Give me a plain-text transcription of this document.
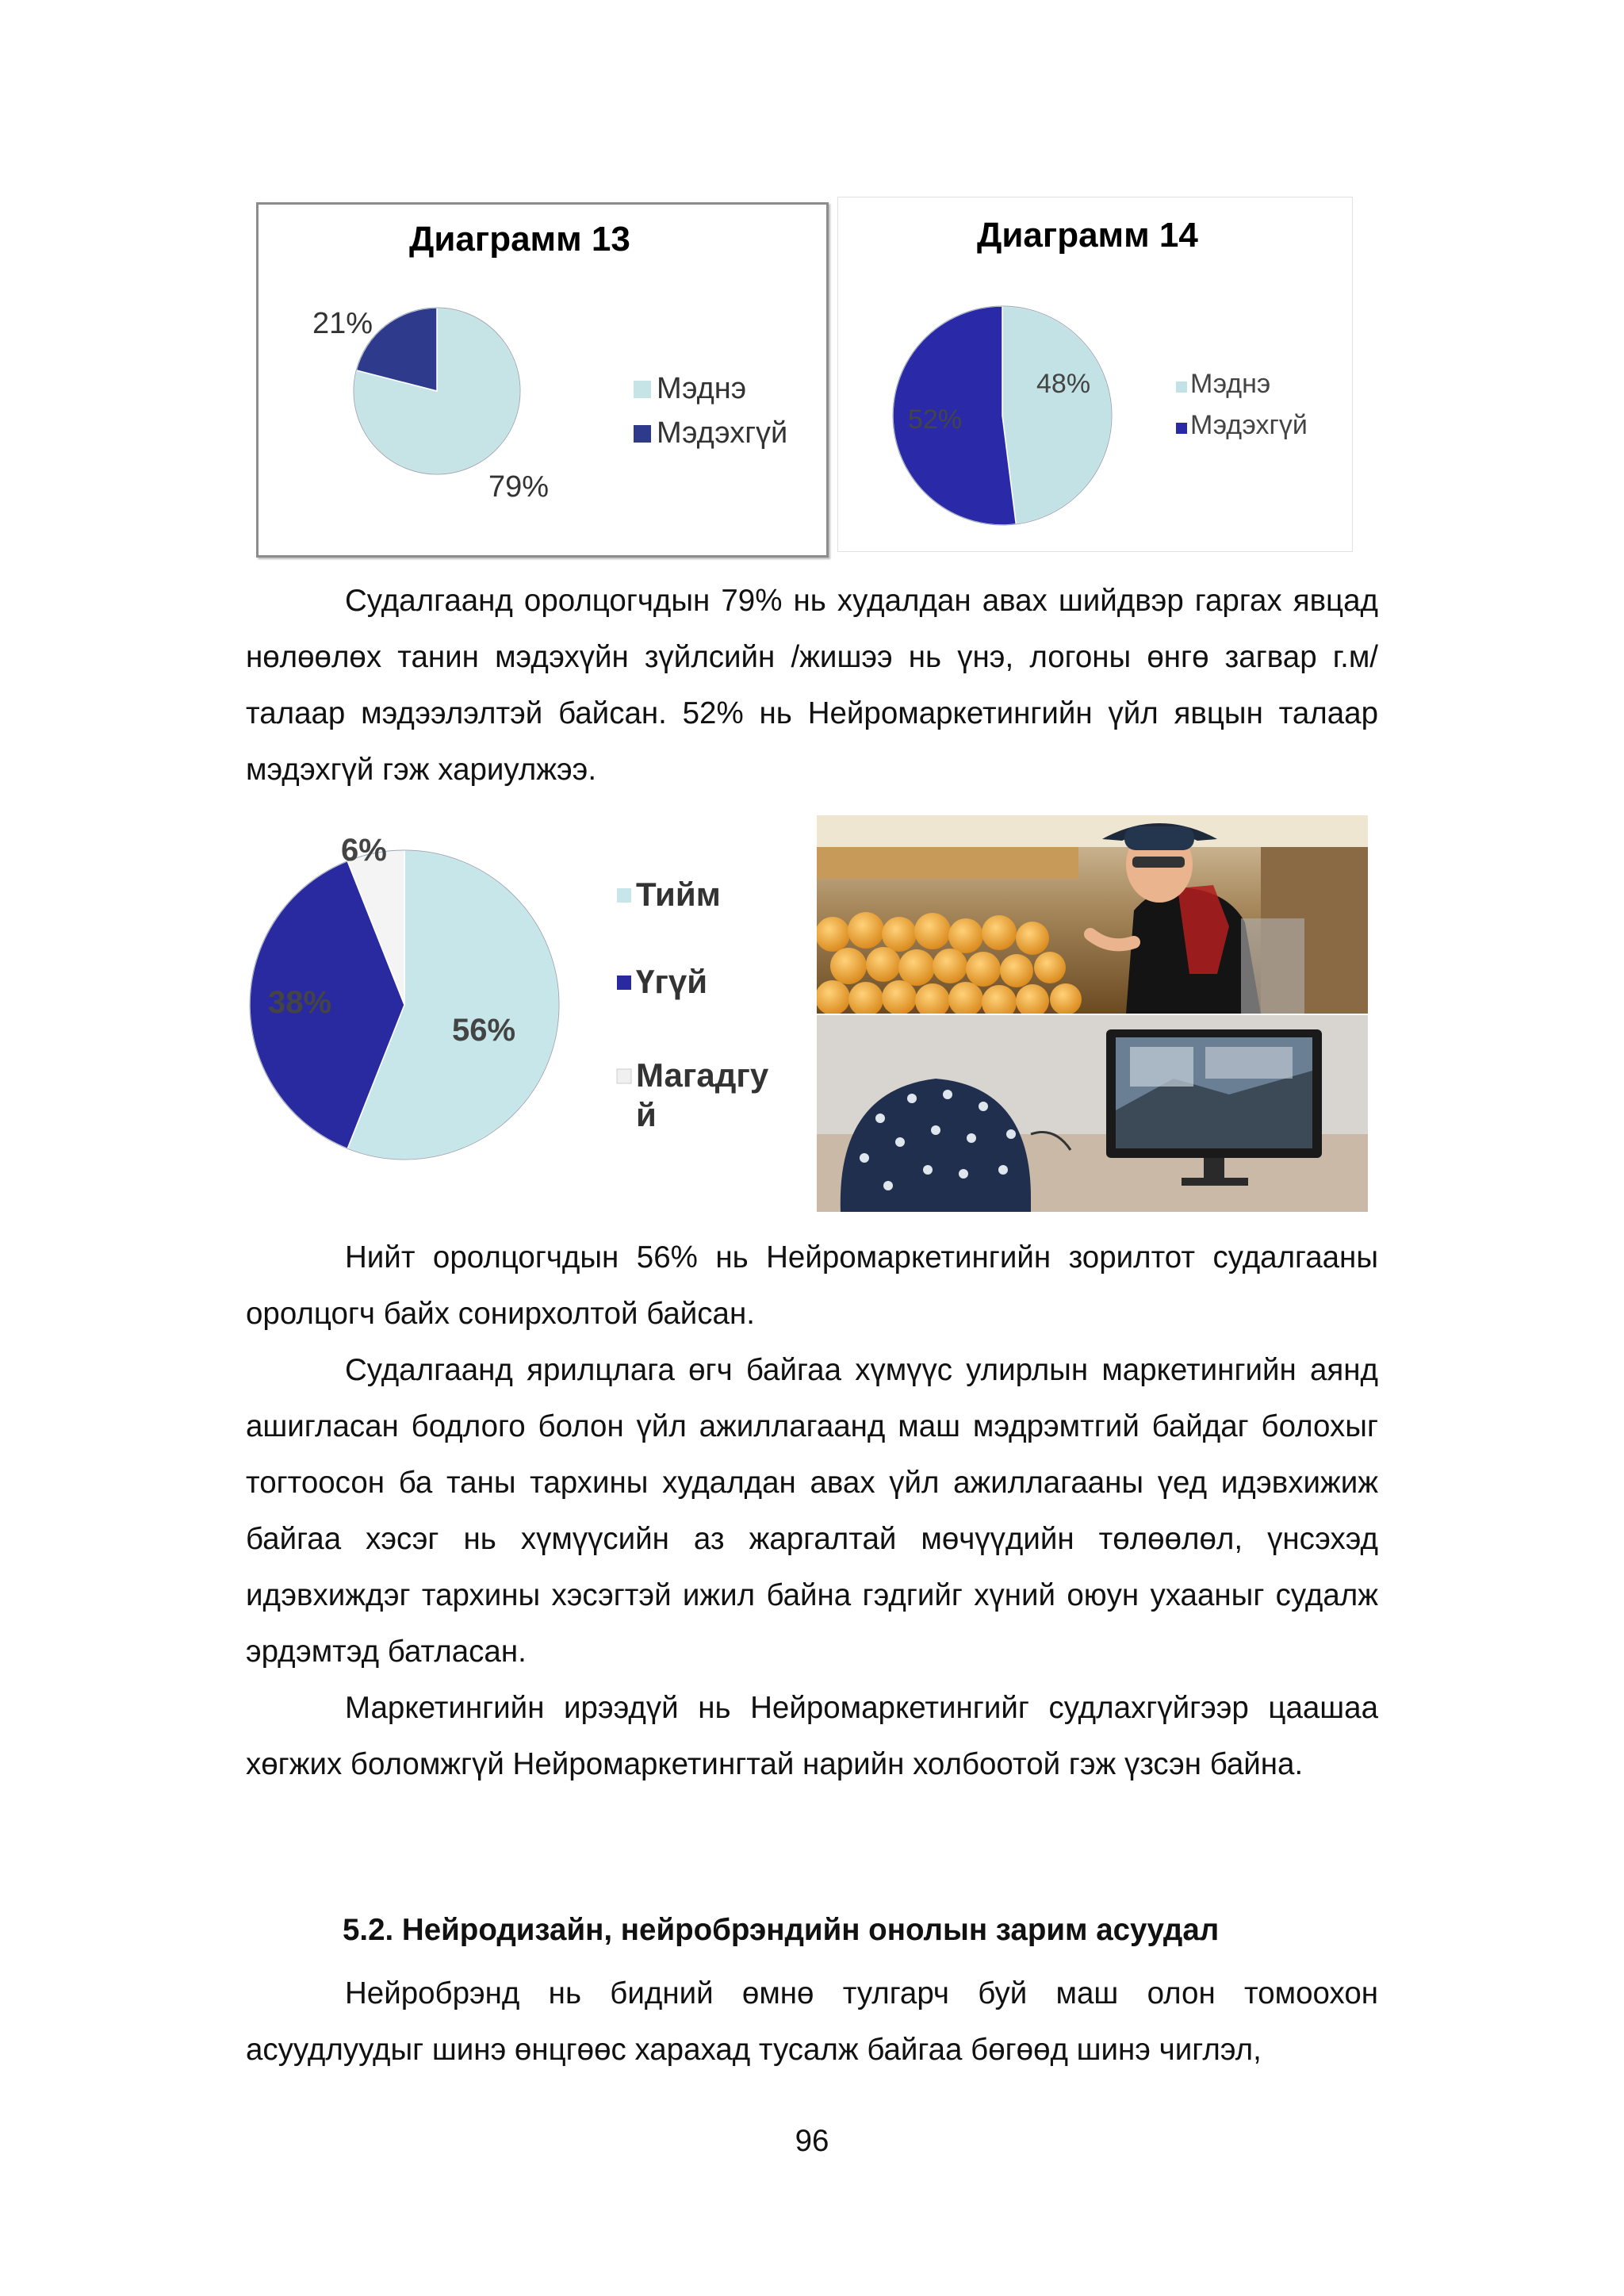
Диаграмм 13
21%
79%
Мэднэ
Мэдэхгүй
Диаграмм 14
48%
52%
Мэднэ
Мэдэхгүй
6%
38%
56%
Тийм
Үгүй
Магадгу
й
Судалгаанд оролцогчдын 79% нь худалдан авах шийдвэр гаргах явцад нөлөөлөх танин мэдэхүйн зүйлсийн /жишээ нь үнэ, логоны өнгө загвар г.м/ талаар мэдээлэлтэй байсан. 52% нь Нейромаркетингийн үйл явцын талаар мэдэхгүй гэж хариулжээ.
Нийт оролцогчдын 56% нь Нейромаркетингийн зорилтот судалгааны оролцогч байх сонирхолтой байсан.
Судалгаанд ярилцлага өгч байгаа хүмүүс улирлын маркетингийн аянд ашигласан бодлого болон үйл ажиллагаанд маш мэдрэмтгий байдаг болохыг тогтоосон ба таны тархины худалдан авах үйл ажиллагааны үед идэвхижиж байгаа хэсэг нь хүмүүсийн аз жаргалтай мөчүүдийн төлөөлөл, үнсэхэд идэвхиждэг тархины хэсэгтэй ижил байна гэдгийг хүний оюун ухааныг судалж эрдэмтэд батласан.
Маркетингийн ирээдүй нь Нейромаркетингийг судлахгүйгээр цаашаа хөгжих боломжгүй Нейромаркетингтай нарийн холбоотой гэж үзсэн байна.
5.2. Нейродизайн, нейробрэндийн онолын зарим асуудал
Нейробрэнд нь бидний өмнө тулгарч буй маш олон томоохон асуудлуудыг шинэ өнцгөөс харахад тусалж байгаа бөгөөд шинэ чиглэл,
96
